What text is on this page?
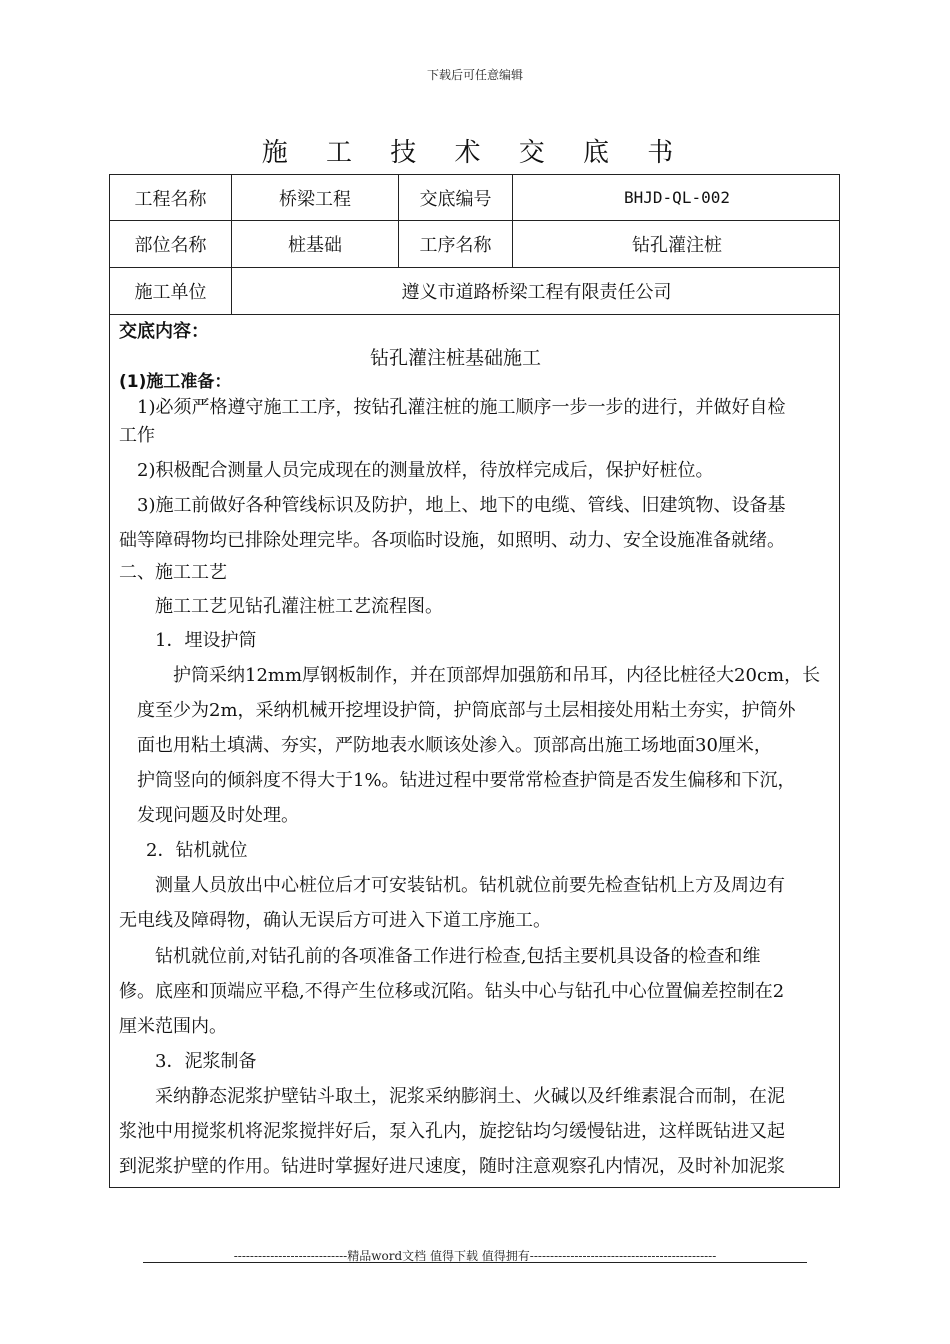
下载后可任意编辑
施 工 技 术 交 底 书
工程名称	桥梁工程	交底编号	BHJD-QL-002
部位名称	桩基础	工序名称	钻孔灌注桩
施工单位	遵义市道路桥梁工程有限责任公司
交底内容：
钻孔灌注桩基础施工
(1)施工准备：
1)必须严格遵守施工工序，按钻孔灌注桩的施工顺序一步一步的进行，并做好自检
工作
2)积极配合测量人员完成现在的测量放样，待放样完成后，保护好桩位。
3)施工前做好各种管线标识及防护，地上、地下的电缆、管线、旧建筑物、设备基
础等障碍物均已排除处理完毕。各项临时设施，如照明、动力、安全设施准备就绪。
二、施工工艺
施工工艺见钻孔灌注桩工艺流程图。
1．埋设护筒
护筒采纳12mm厚钢板制作，并在顶部焊加强筋和吊耳，内径比桩径大20cm，长
度至少为2m，采纳机械开挖埋设护筒，护筒底部与土层相接处用粘土夯实，护筒外
面也用粘土填满、夯实，严防地表水顺该处渗入。顶部高出施工场地面30厘米，
护筒竖向的倾斜度不得大于1%。钻进过程中要常常检查护筒是否发生偏移和下沉，
发现问题及时处理。
2．钻机就位
测量人员放出中心桩位后才可安装钻机。钻机就位前要先检查钻机上方及周边有
无电线及障碍物，确认无误后方可进入下道工序施工。
钻机就位前,对钻孔前的各项准备工作进行检查,包括主要机具设备的检查和维
修。底座和顶端应平稳,不得产生位移或沉陷。钻头中心与钻孔中心位置偏差控制在2
厘米范围内。
3．泥浆制备
采纳静态泥浆护壁钻斗取土，泥浆采纳膨润土、火碱以及纤维素混合而制，在泥
浆池中用搅浆机将泥浆搅拌好后，泵入孔内，旋挖钻均匀缓慢钻进，这样既钻进又起
到泥浆护壁的作用。钻进时掌握好进尺速度，随时注意观察孔内情况，及时补加泥浆
----------------------------精品word文档 值得下载 值得拥有----------------------------------------------
